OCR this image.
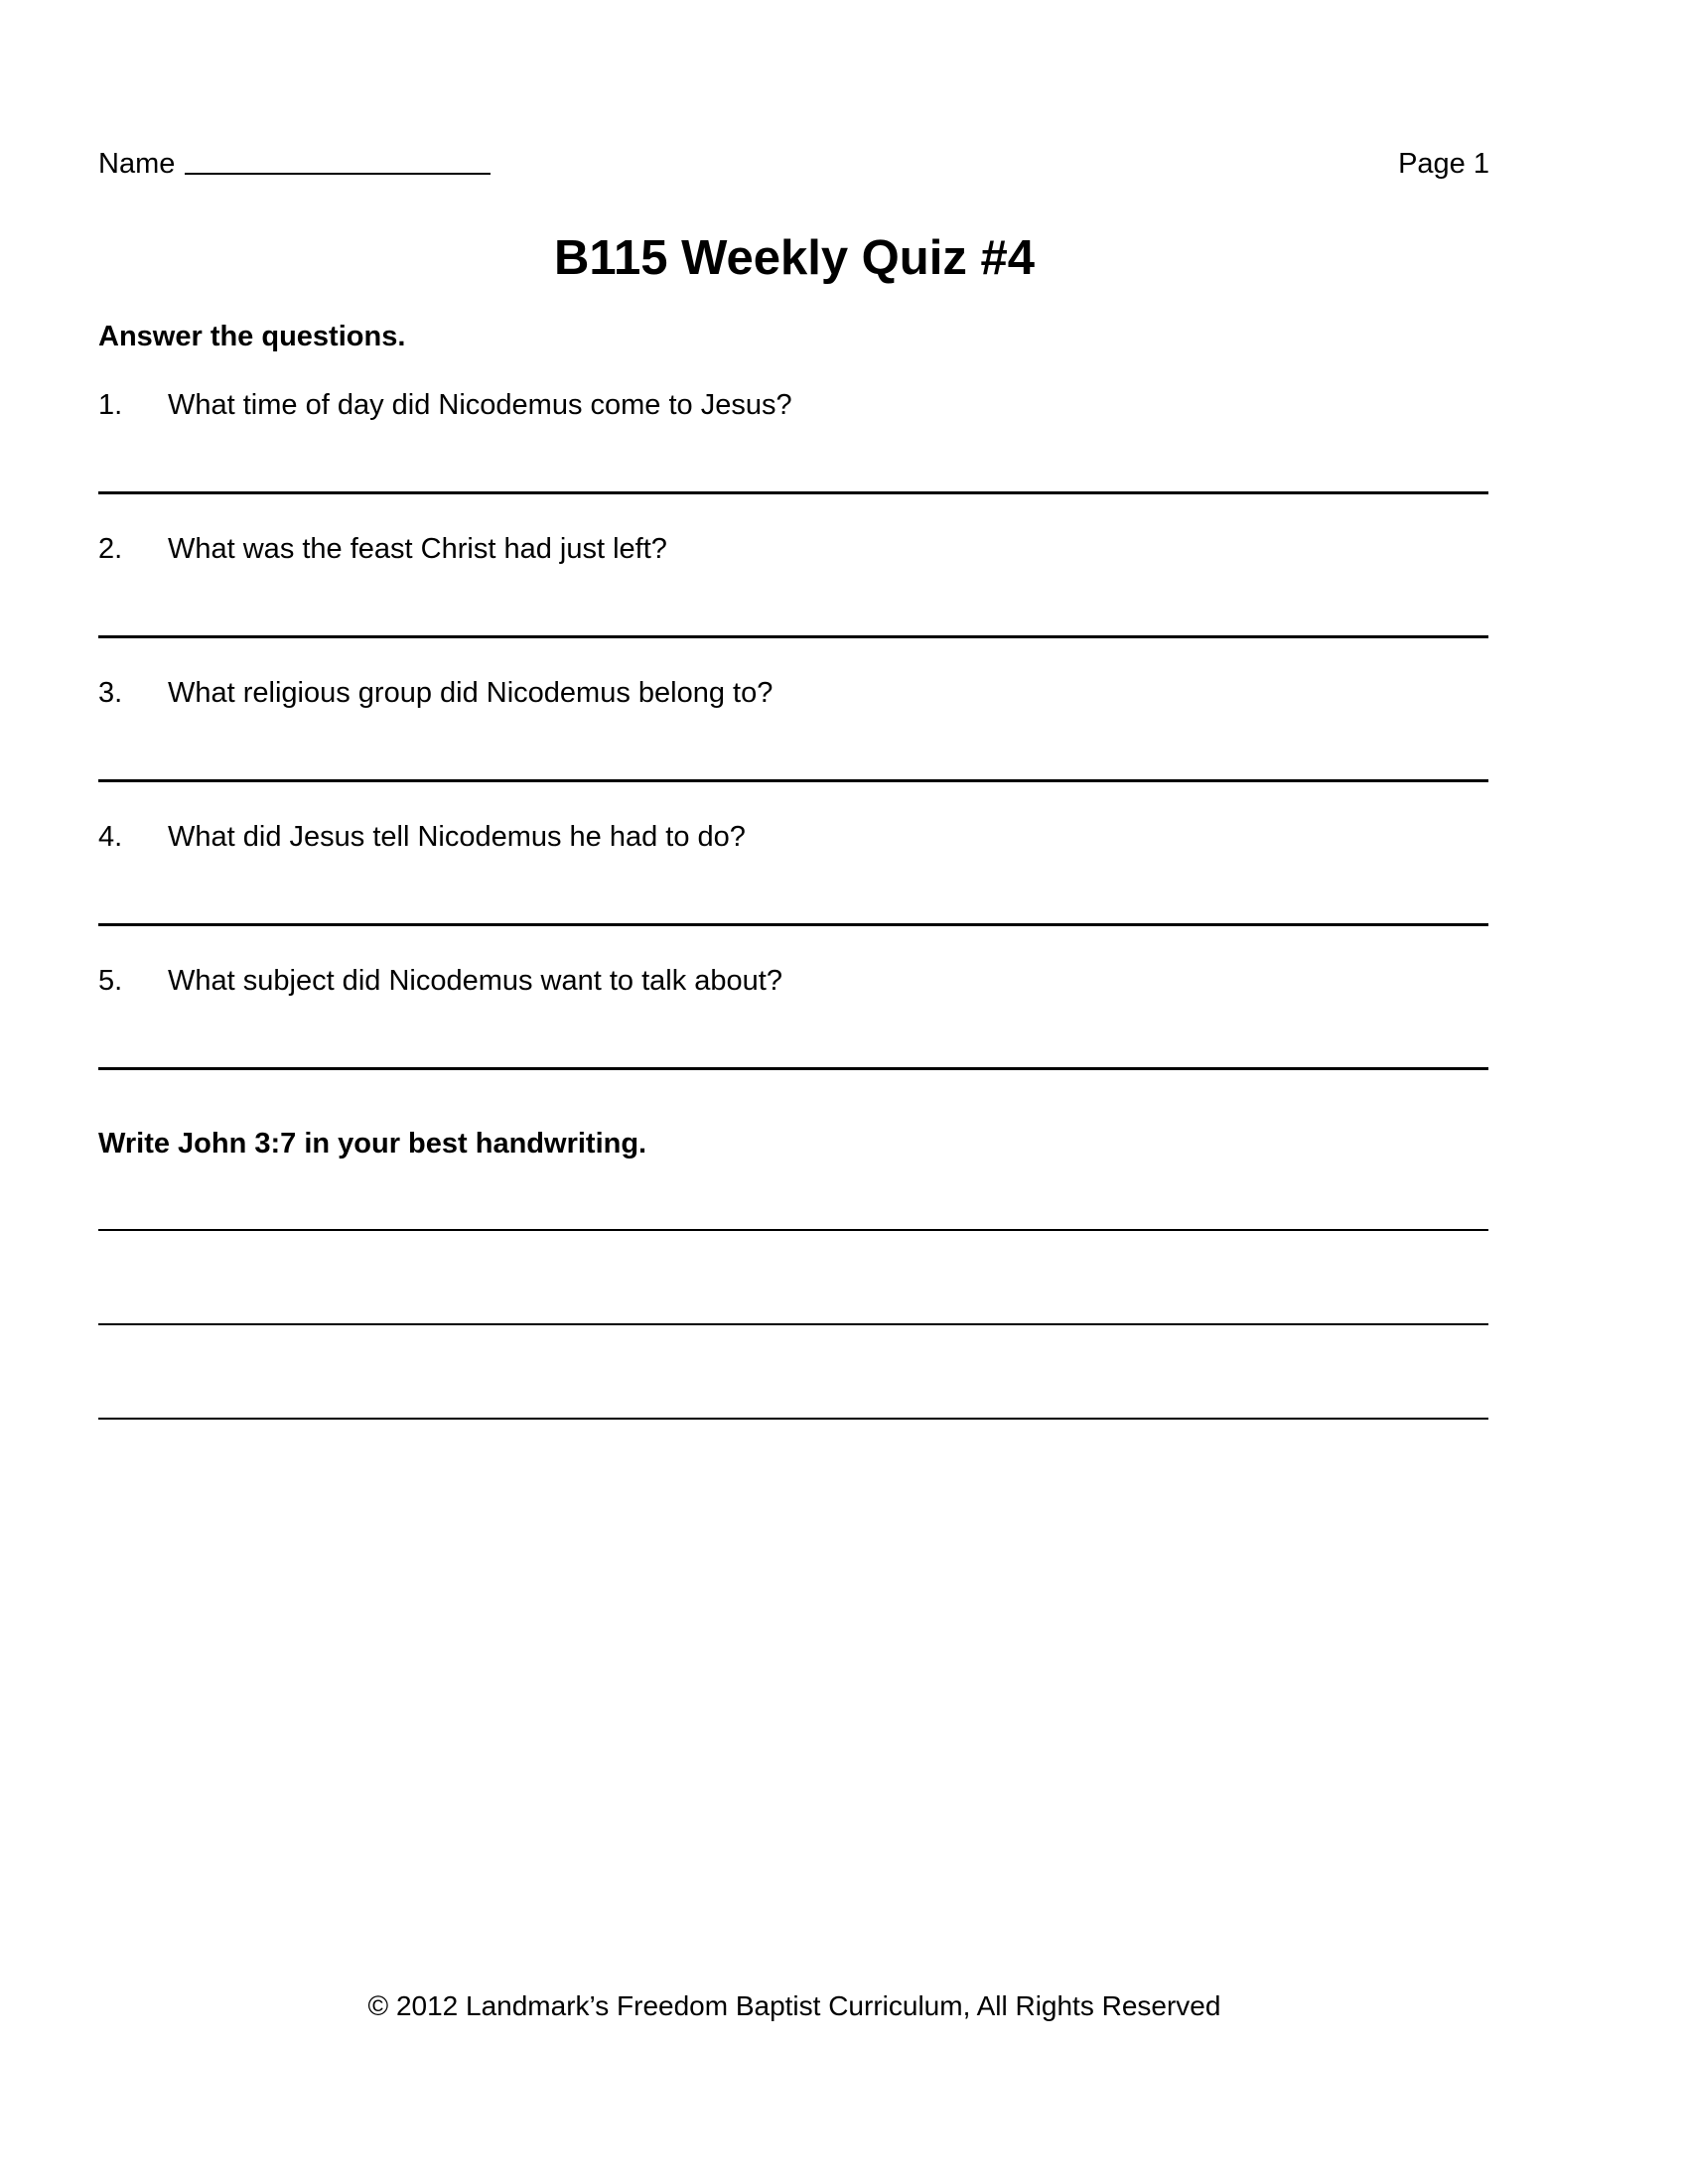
Name	Page 1
B115 Weekly Quiz #4
Answer the questions.
1. What time of day did Nicodemus come to Jesus?
2. What was the feast Christ had just left?
3. What religious group did Nicodemus belong to?
4. What did Jesus tell Nicodemus he had to do?
5. What subject did Nicodemus want to talk about?
Write John 3:7 in your best handwriting.
© 2012 Landmark’s Freedom Baptist Curriculum, All Rights Reserved
